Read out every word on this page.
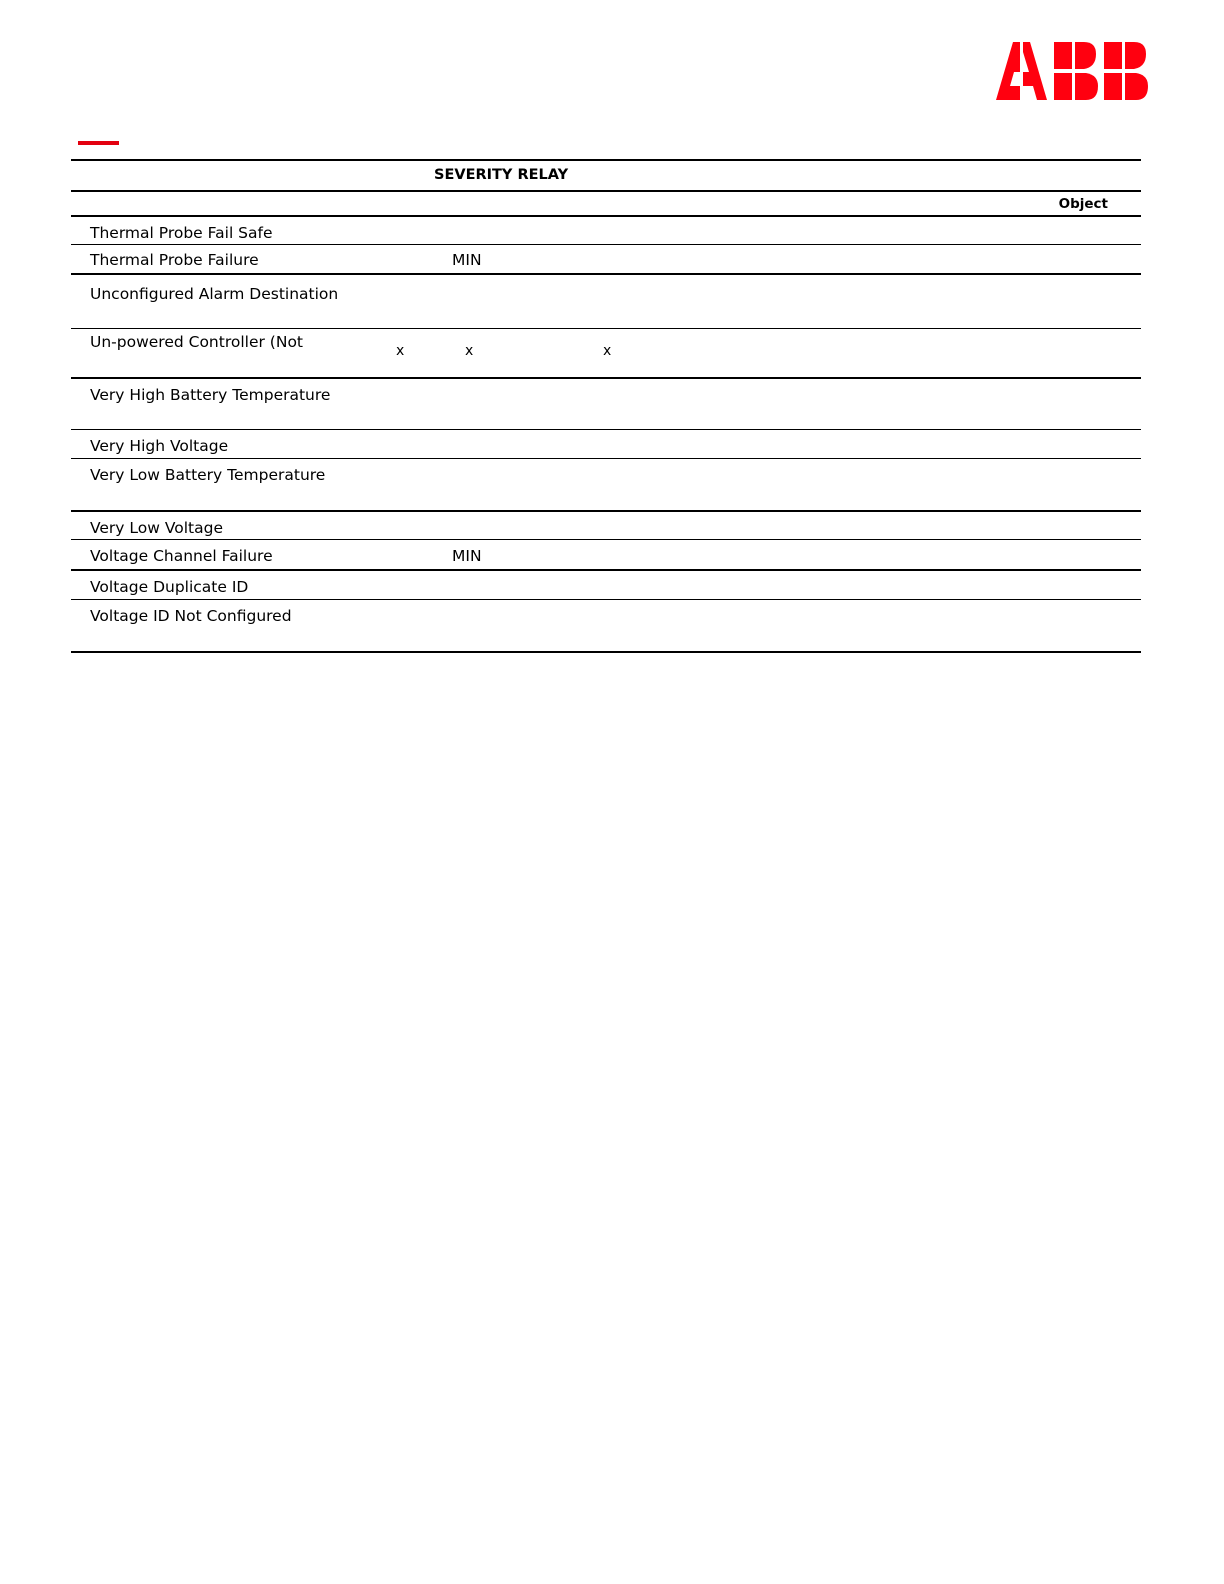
SEVERITY RELAY
Object
Thermal Probe Fail Safe
Thermal Probe Failure	MIN
Unconfigured Alarm Destination
Un-powered Controller (Not	x	x	x
Very High Battery Temperature
Very High Voltage
Very Low Battery Temperature
Very Low Voltage
Voltage Channel Failure	MIN
Voltage Duplicate ID
Voltage ID Not Configured
